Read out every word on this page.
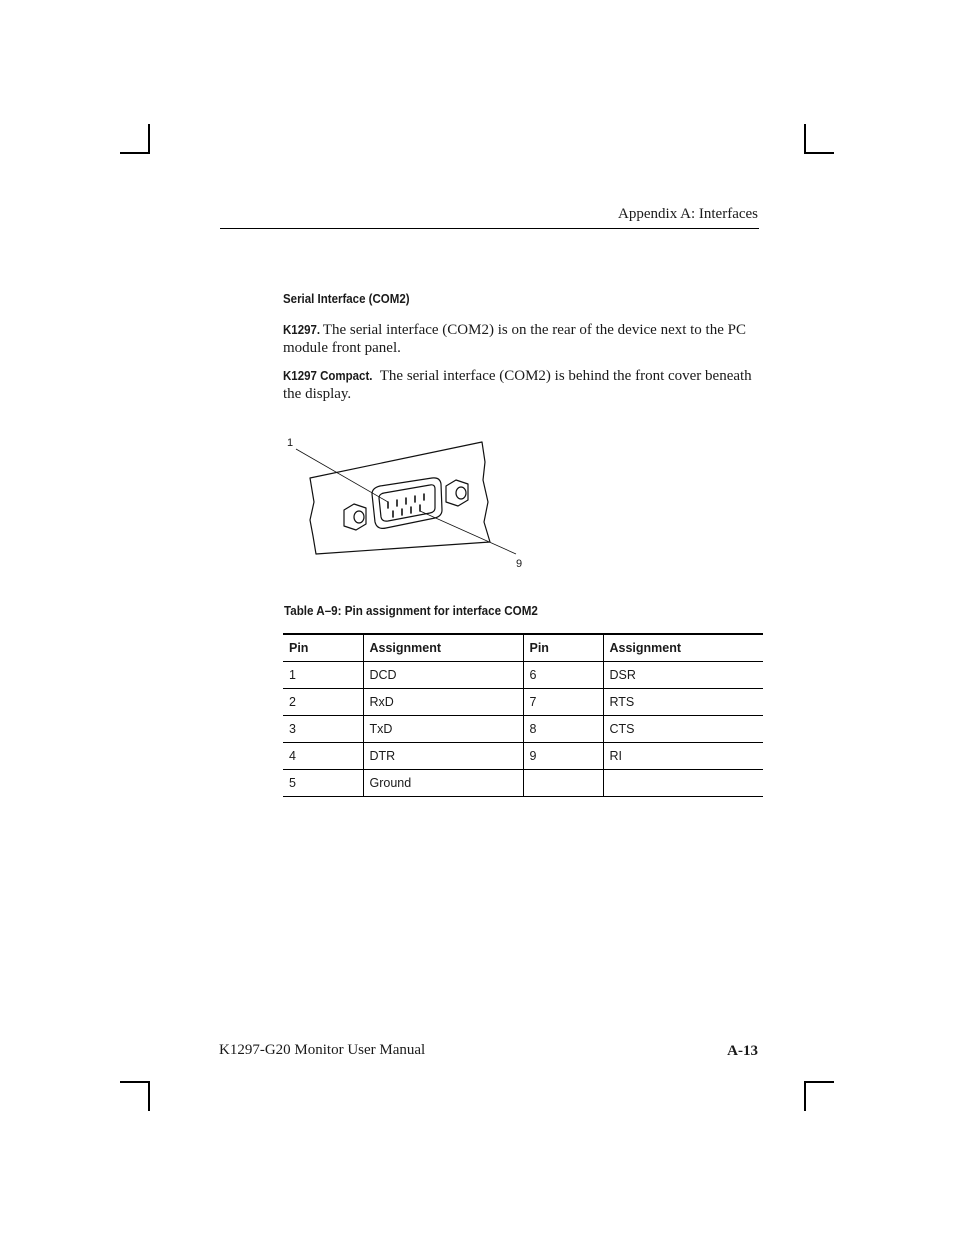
Appendix A: Interfaces
Serial Interface (COM2)
K1297. The serial interface (COM2) is on the rear of the device next to the PC module front panel.
K1297 Compact. The serial interface (COM2) is behind the front cover beneath the display.
1
9
Table A–9: Pin assignment for interface COM2
Pin	Assignment	Pin	Assignment
1	DCD	6	DSR
2	RxD	7	RTS
3	TxD	8	CTS
4	DTR	9	RI
5	Ground		
K1297-G20 Monitor User Manual	A-13
